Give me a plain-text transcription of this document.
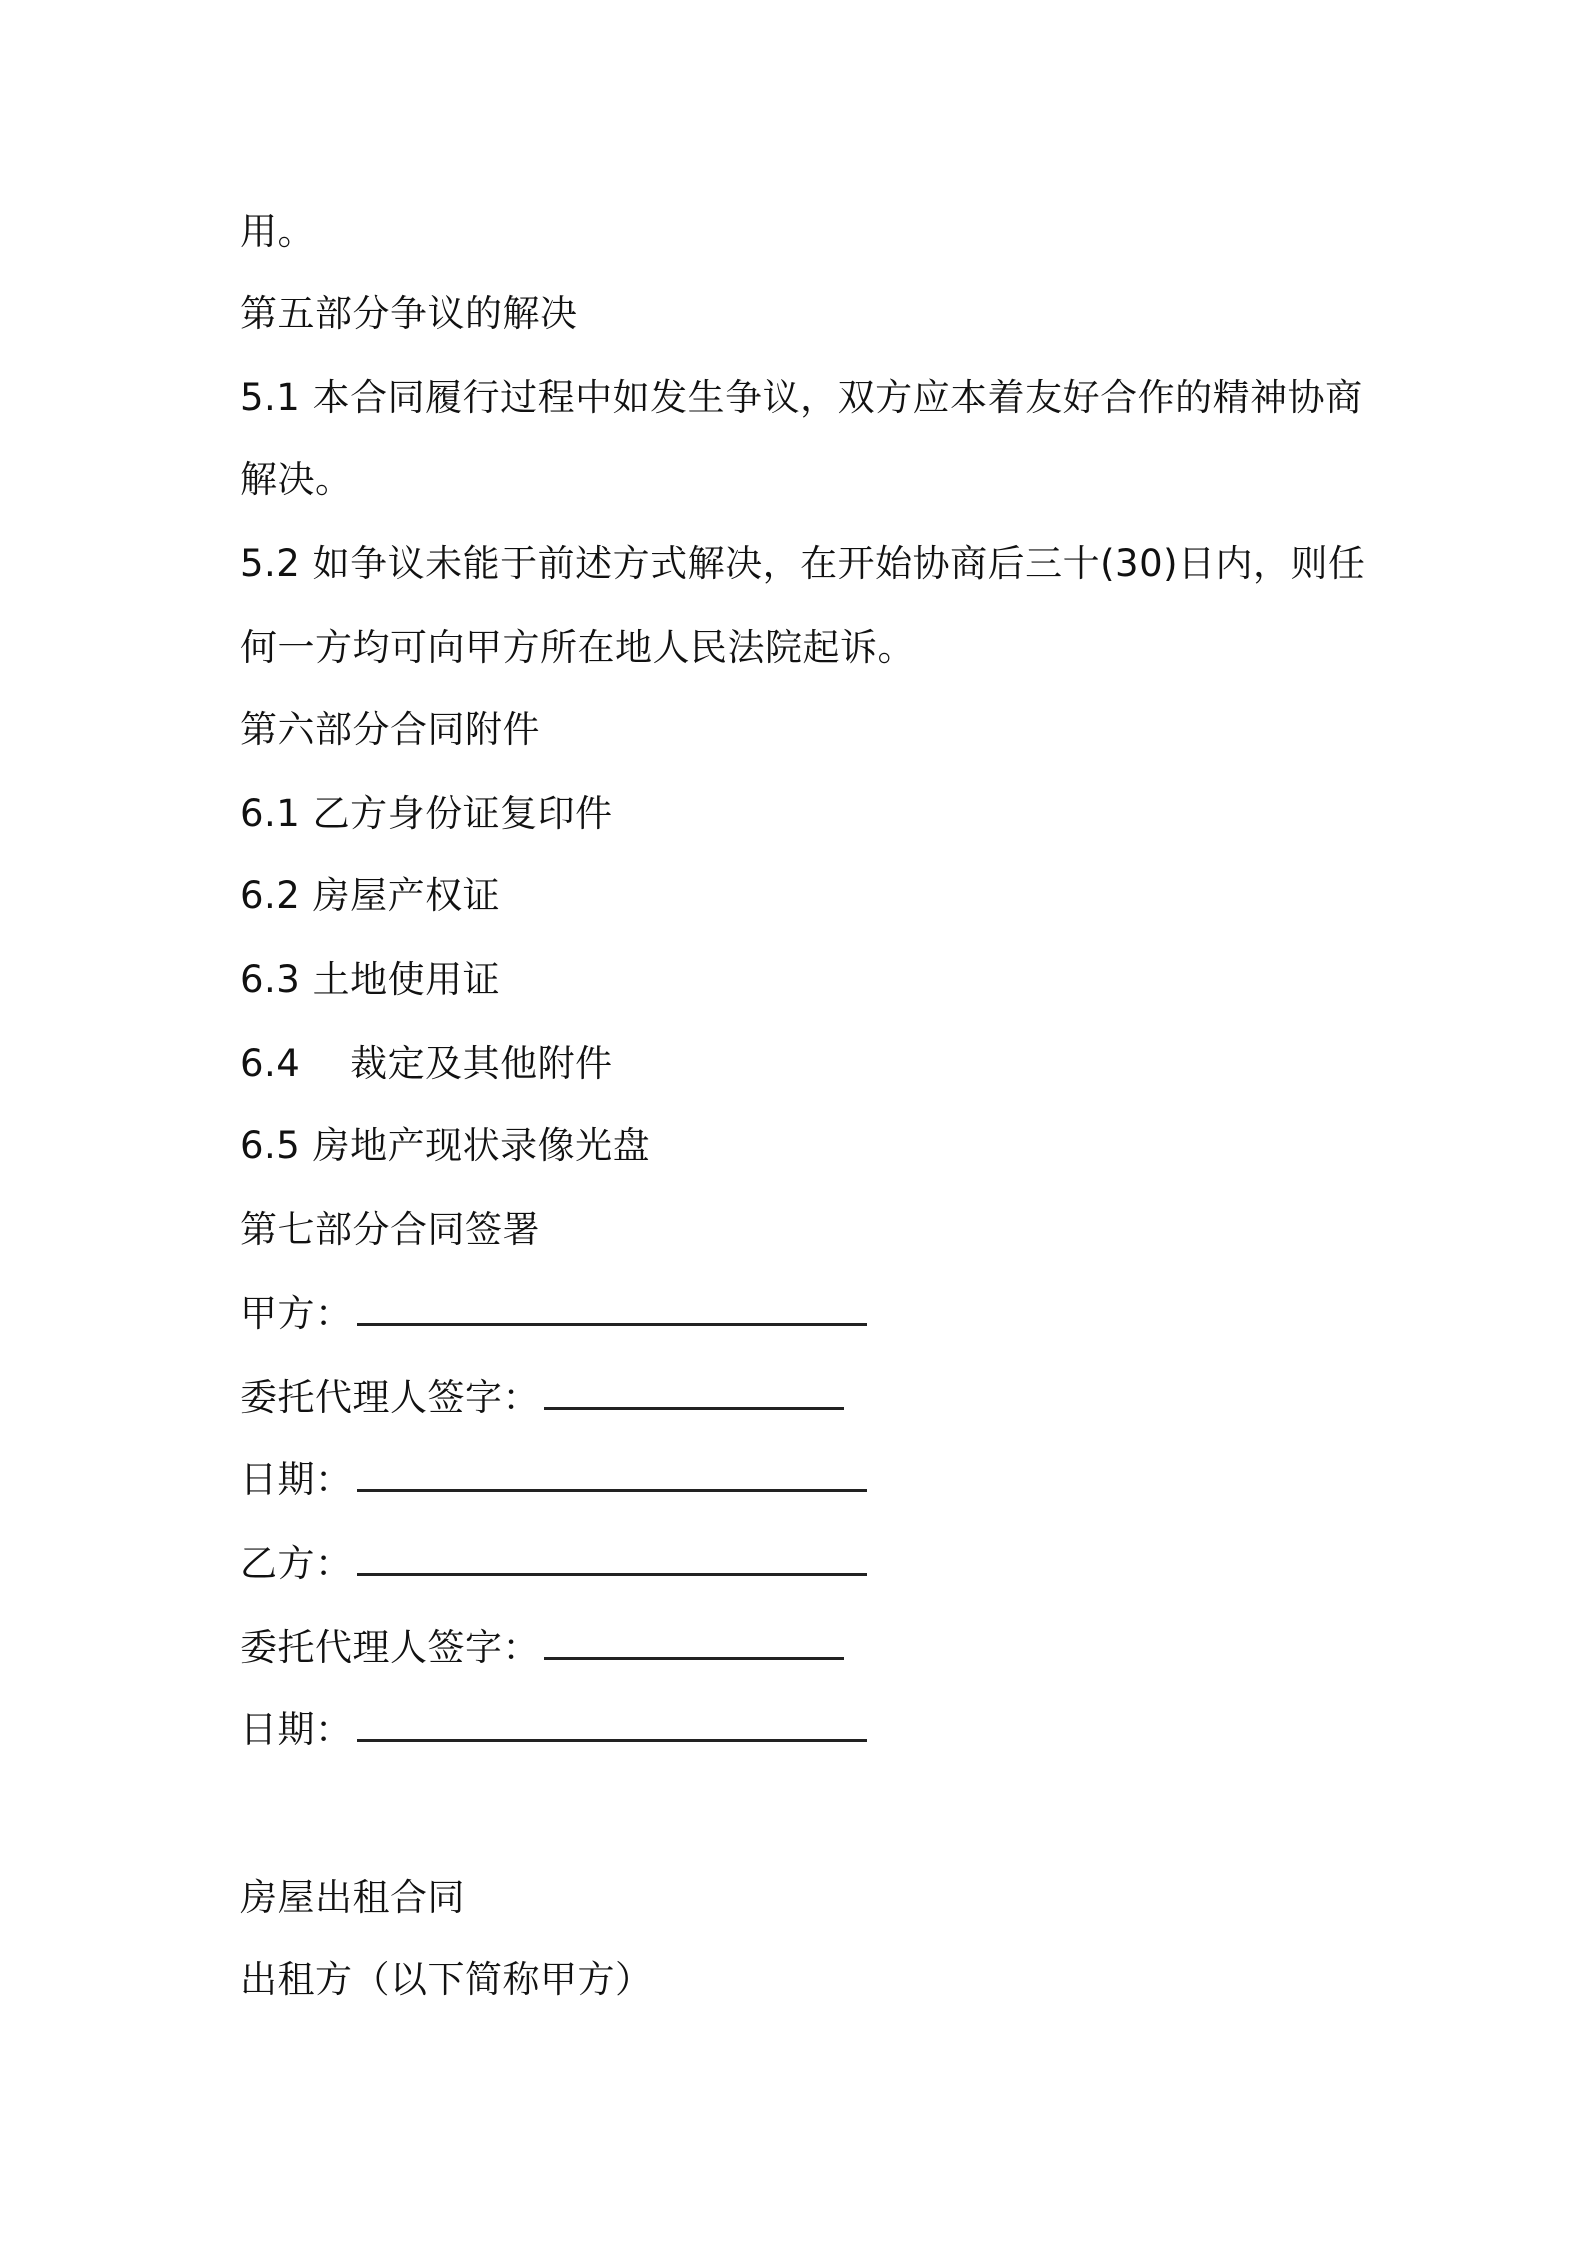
用。
第五部分争议的解决
5.1 本合同履行过程中如发生争议，双方应本着友好合作的精神协商
解决。
5.2 如争议未能于前述方式解决，在开始协商后三十(30)日内，则任
何一方均可向甲方所在地人民法院起诉。
第六部分合同附件
6.1 乙方身份证复印件
6.2 房屋产权证
6.3 土地使用证
6.4　 裁定及其他附件
6.5 房地产现状录像光盘
第七部分合同签署
甲方：
委托代理人签字：
日期：
乙方：
委托代理人签字：
日期：
房屋出租合同
出租方（以下简称甲方）
